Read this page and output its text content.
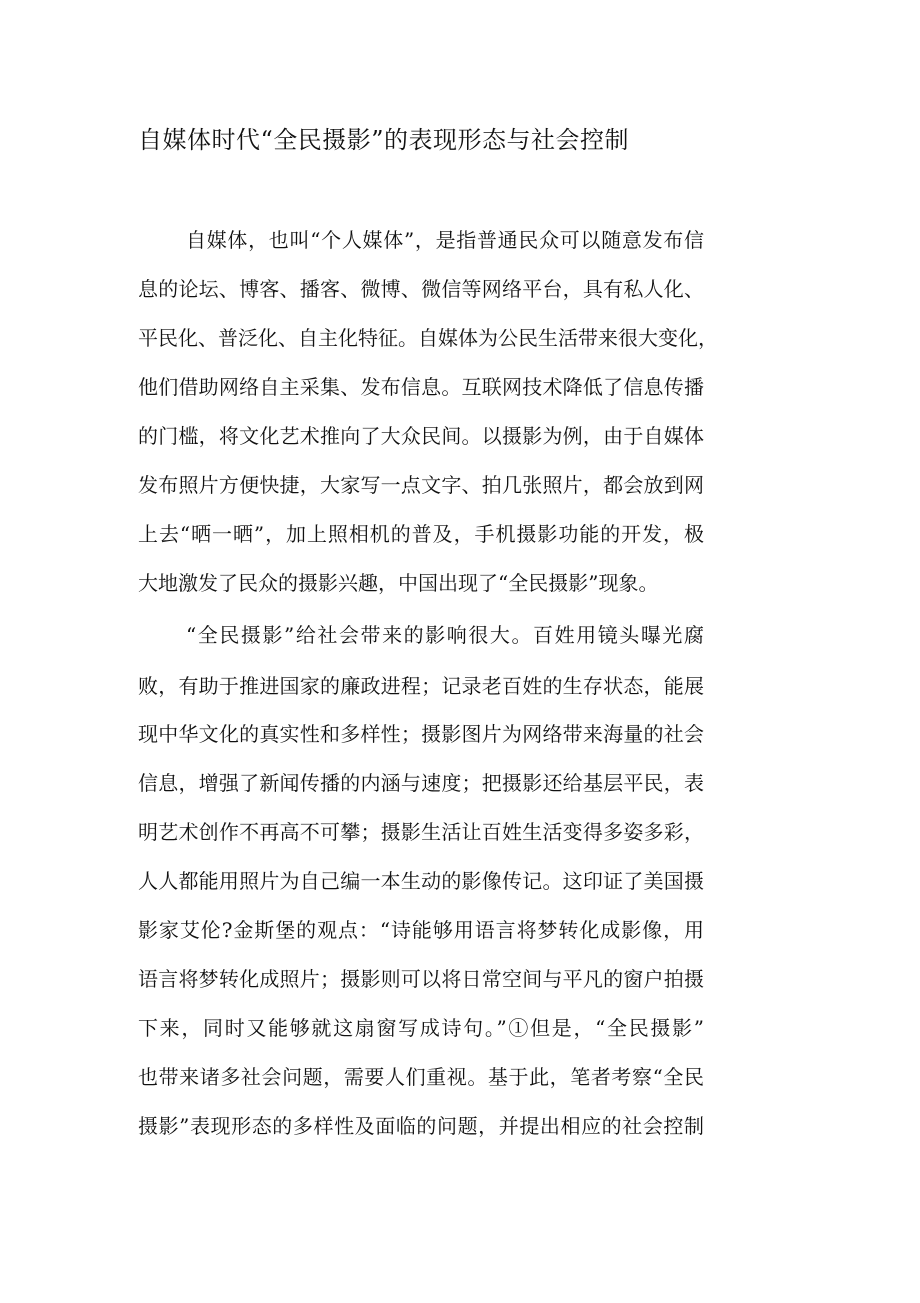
自媒体时代“全民摄影”的表现形态与社会控制
自媒体，也叫“个人媒体”，是指普通民众可以随意发布信
息的论坛、博客、播客、微博、微信等网络平台，具有私人化、
平民化、普泛化、自主化特征。自媒体为公民生活带来很大变化，
他们借助网络自主采集、发布信息。互联网技术降低了信息传播
的门槛，将文化艺术推向了大众民间。以摄影为例，由于自媒体
发布照片方便快捷，大家写一点文字、拍几张照片，都会放到网
上去“晒一晒”，加上照相机的普及，手机摄影功能的开发，极
大地激发了民众的摄影兴趣，中国出现了“全民摄影”现象。
“全民摄影”给社会带来的影响很大。百姓用镜头曝光腐
败，有助于推进国家的廉政进程；记录老百姓的生存状态，能展
现中华文化的真实性和多样性；摄影图片为网络带来海量的社会
信息，增强了新闻传播的内涵与速度；把摄影还给基层平民，表
明艺术创作不再高不可攀；摄影生活让百姓生活变得多姿多彩，
人人都能用照片为自己编一本生动的影像传记。这印证了美国摄
影家艾伦?金斯堡的观点：“诗能够用语言将梦转化成影像，用
语言将梦转化成照片；摄影则可以将日常空间与平凡的窗户拍摄
下来，同时又能够就这扇窗写成诗句。”①但是，“全民摄影”
也带来诸多社会问题，需要人们重视。基于此，笔者考察“全民
摄影”表现形态的多样性及面临的问题，并提出相应的社会控制
